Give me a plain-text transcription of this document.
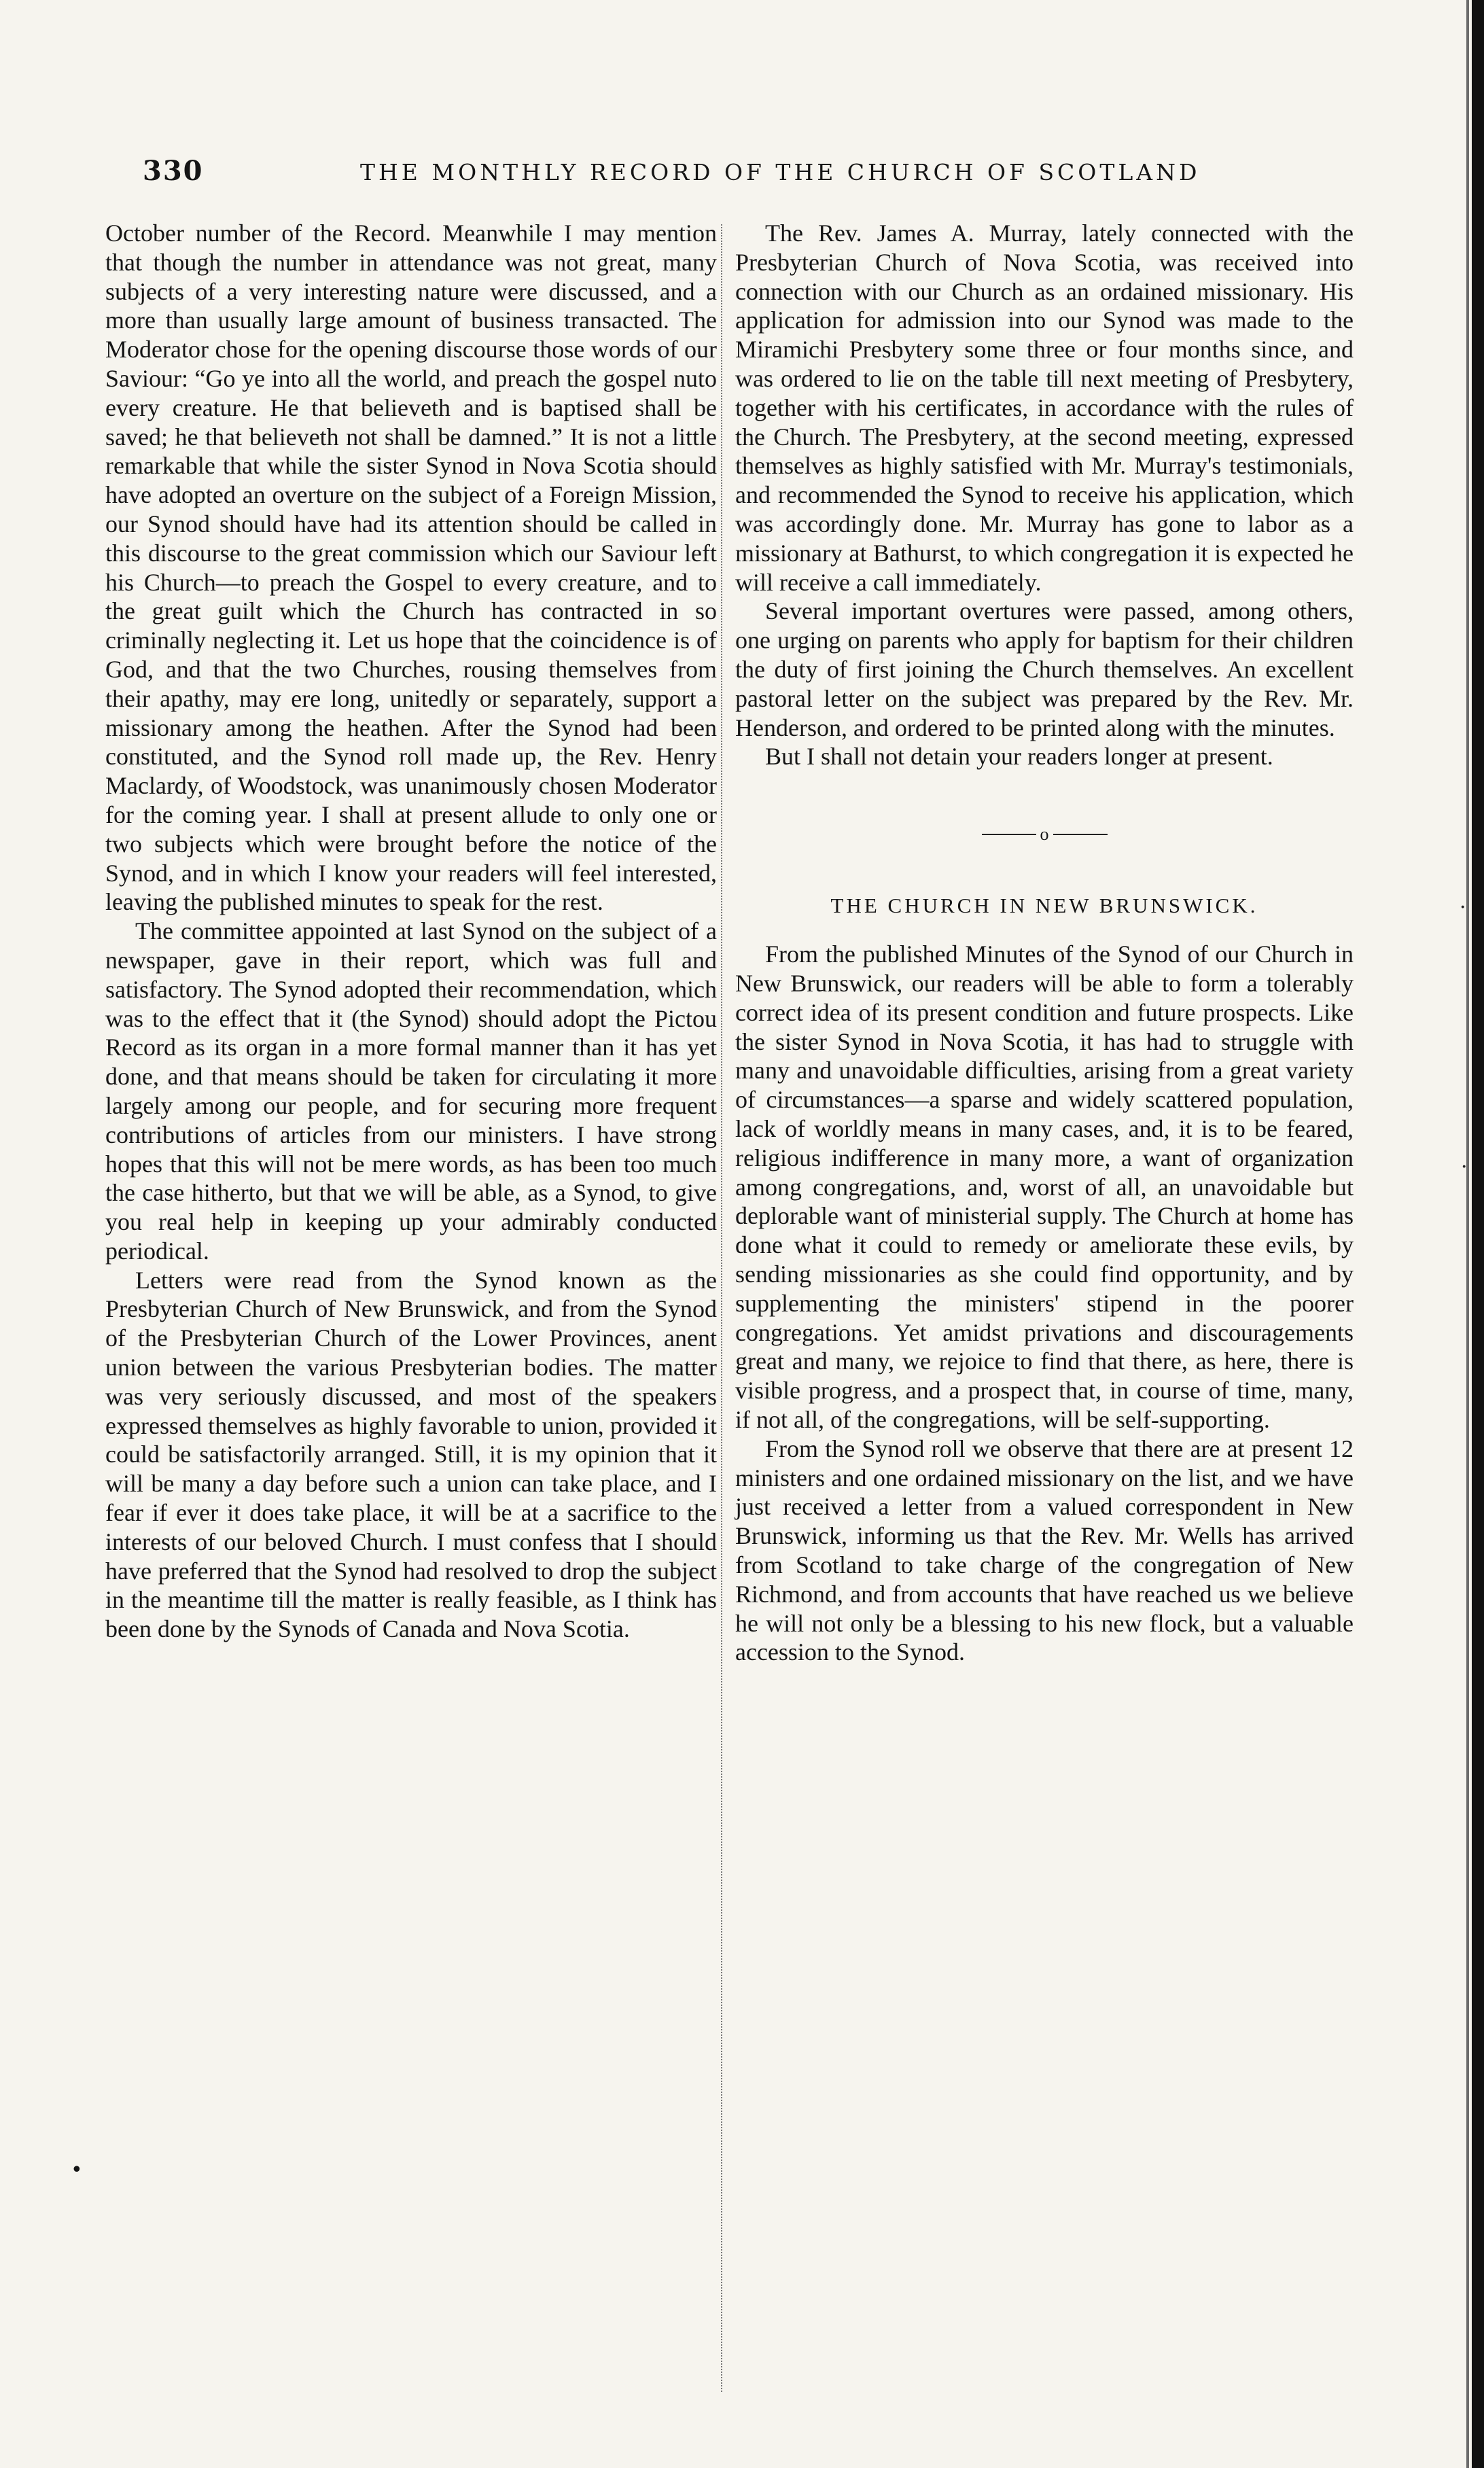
330	THE MONTHLY RECORD OF THE CHURCH OF SCOTLAND

October number of the Record. Meanwhile I may mention that though the number in attendance was not great, many subjects of a very interesting nature were discussed, and a more than usually large amount of business transacted. The Moderator chose for the opening discourse those words of our Saviour: “Go ye into all the world, and preach the gospel nuto every creature. He that believeth and is baptised shall be saved; he that believeth not shall be damned.” It is not a little remarkable that while the sister Synod in Nova Scotia should have adopted an overture on the subject of a Foreign Mission, our Synod should have had its attention should be called in this discourse to the great commission which our Saviour left his Church—to preach the Gospel to every creature, and to the great guilt which the Church has contracted in so criminally neglecting it. Let us hope that the coincidence is of God, and that the two Churches, rousing themselves from their apathy, may ere long, unitedly or separately, support a missionary among the heathen. After the Synod had been constituted, and the Synod roll made up, the Rev. Henry Maclardy, of Woodstock, was unanimously chosen Moderator for the coming year. I shall at present allude to only one or two subjects which were brought before the notice of the Synod, and in which I know your readers will feel interested, leaving the published minutes to speak for the rest.

The committee appointed at last Synod on the subject of a newspaper, gave in their report, which was full and satisfactory. The Synod adopted their recommendation, which was to the effect that it (the Synod) should adopt the Pictou Record as its organ in a more formal manner than it has yet done, and that means should be taken for circulating it more largely among our people, and for securing more frequent contributions of articles from our ministers. I have strong hopes that this will not be mere words, as has been too much the case hitherto, but that we will be able, as a Synod, to give you real help in keeping up your admirably conducted periodical.

Letters were read from the Synod known as the Presbyterian Church of New Brunswick, and from the Synod of the Presbyterian Church of the Lower Provinces, anent union between the various Presbyterian bodies. The matter was very seriously discussed, and most of the speakers expressed themselves as highly favorable to union, provided it could be satisfactorily arranged. Still, it is my opinion that it will be many a day before such a union can take place, and I fear if ever it does take place, it will be at a sacrifice to the interests of our beloved Church. I must confess that I should have preferred that the Synod had resolved to drop the subject in the meantime till the matter is really feasible, as I think has been done by the Synods of Canada and Nova Scotia.

The Rev. James A. Murray, lately connected with the Presbyterian Church of Nova Scotia, was received into connection with our Church as an ordained missionary. His application for admission into our Synod was made to the Miramichi Presbytery some three or four months since, and was ordered to lie on the table till next meeting of Presbytery, together with his certificates, in accordance with the rules of the Church. The Presbytery, at the second meeting, expressed themselves as highly satisfied with Mr. Murray's testimonials, and recommended the Synod to receive his application, which was accordingly done. Mr. Murray has gone to labor as a missionary at Bathurst, to which congregation it is expected he will receive a call immediately.

Several important overtures were passed, among others, one urging on parents who apply for baptism for their children the duty of first joining the Church themselves. An excellent pastoral letter on the subject was prepared by the Rev. Mr. Henderson, and ordered to be printed along with the minutes.

But I shall not detain your readers longer at present.

o
THE CHURCH IN NEW BRUNSWICK.

From the published Minutes of the Synod of our Church in New Brunswick, our readers will be able to form a tolerably correct idea of its present condition and future prospects. Like the sister Synod in Nova Scotia, it has had to struggle with many and unavoidable difficulties, arising from a great variety of circumstances—a sparse and widely scattered population, lack of worldly means in many cases, and, it is to be feared, religious indifference in many more, a want of organization among congregations, and, worst of all, an unavoidable but deplorable want of ministerial supply. The Church at home has done what it could to remedy or ameliorate these evils, by sending missionaries as she could find opportunity, and by supplementing the ministers' stipend in the poorer congregations. Yet amidst privations and discouragements great and many, we rejoice to find that there, as here, there is visible progress, and a prospect that, in course of time, many, if not all, of the congregations, will be self-supporting.

From the Synod roll we observe that there are at present 12 ministers and one ordained missionary on the list, and we have just received a letter from a valued correspondent in New Brunswick, informing us that the Rev. Mr. Wells has arrived from Scotland to take charge of the congregation of New Richmond, and from accounts that have reached us we believe he will not only be a blessing to his new flock, but a valuable accession to the Synod.

·
·
•
